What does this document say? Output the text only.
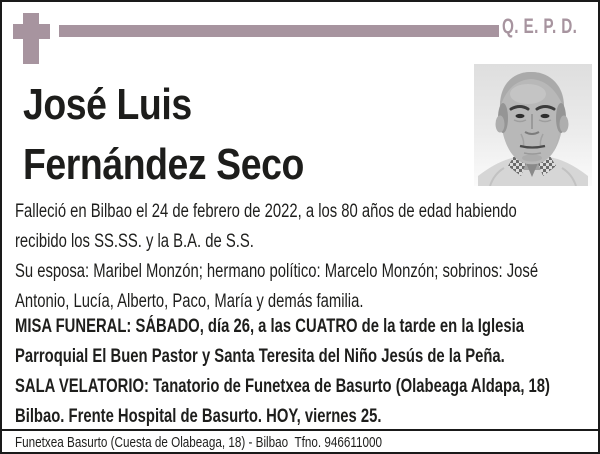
Q. E. P. D.
José Luis
Fernández Seco

Falleció en Bilbao el 24 de febrero de 2022, a los 80 años de edad habiendo
recibido los SS.SS. y la B.A. de S.S.

Su esposa: Maribel Monzón; hermano político: Marcelo Monzón; sobrinos: José
Antonio, Lucía, Alberto, Paco, María y demás familia.

MISA FUNERAL: SÁBADO, día 26, a las CUATRO de la tarde en la Iglesia
Parroquial El Buen Pastor y Santa Teresita del Niño Jesús de la Peña.

SALA VELATORIO: Tanatorio de Funetxea de Basurto (Olabeaga Aldapa, 18)
Bilbao. Frente Hospital de Basurto. HOY, viernes 25.

Funetxea Basurto (Cuesta de Olabeaga, 18) - Bilbao  Tfno. 946611000
